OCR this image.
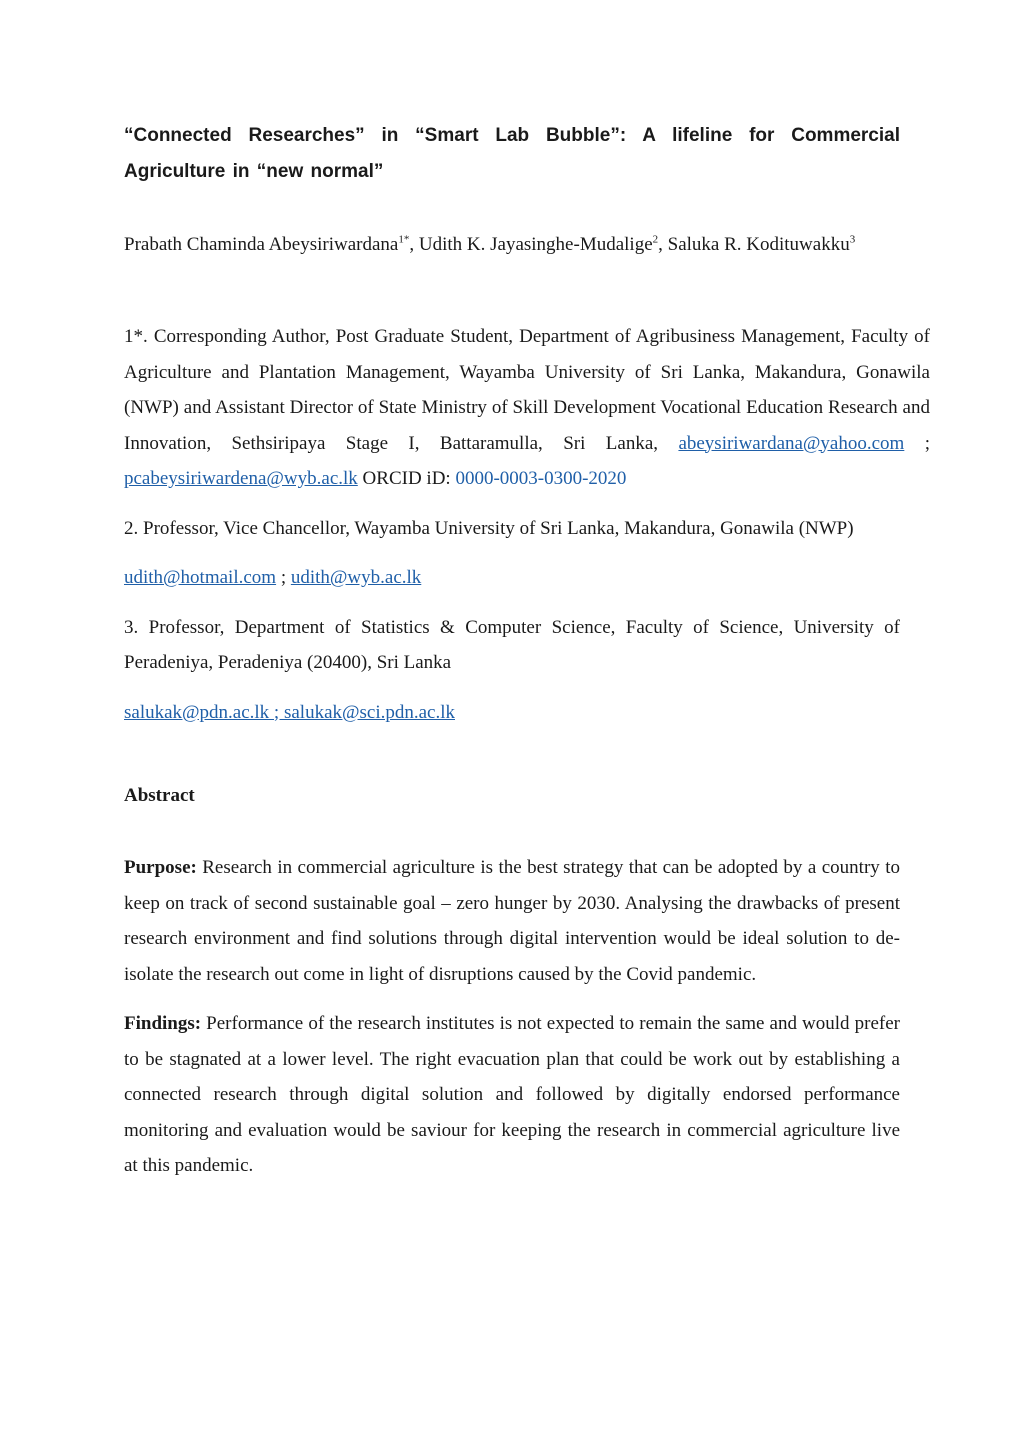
“Connected Researches” in “Smart Lab Bubble”: A lifeline for Commercial Agriculture in “new normal”
Prabath Chaminda Abeysiriwardana$^{1*}$, Udith K. Jayasinghe-Mudalige$^2$, Saluka R. Kodituwakku$^3$

1*. Corresponding Author, Post Graduate Student, Department of Agribusiness Management, Faculty of Agriculture and Plantation Management, Wayamba University of Sri Lanka, Makandura, Gonawila (NWP) and Assistant Director of State Ministry of Skill Development Vocational Education Research and Innovation, Sethsiripaya Stage I, Battaramulla, Sri Lanka, abeysiriwardana@yahoo.com ; pcabeysiriwardena@wyb.ac.lk ORCID iD: 0000-0003-0300-2020

2. Professor, Vice Chancellor, Wayamba University of Sri Lanka, Makandura, Gonawila (NWP)

udith@hotmail.com ; udith@wyb.ac.lk

3. Professor, Department of Statistics & Computer Science, Faculty of Science, University of Peradeniya, Peradeniya (20400), Sri Lanka

salukak@pdn.ac.lk ; salukak@sci.pdn.ac.lk

Abstract

Purpose: Research in commercial agriculture is the best strategy that can be adopted by a country to keep on track of second sustainable goal – zero hunger by 2030. Analysing the drawbacks of present research environment and find solutions through digital intervention would be ideal solution to de-isolate the research out come in light of disruptions caused by the Covid pandemic.

Findings: Performance of the research institutes is not expected to remain the same and would prefer to be stagnated at a lower level. The right evacuation plan that could be work out by establishing a connected research through digital solution and followed by digitally endorsed performance monitoring and evaluation would be saviour for keeping the research in commercial agriculture live at this pandemic.
